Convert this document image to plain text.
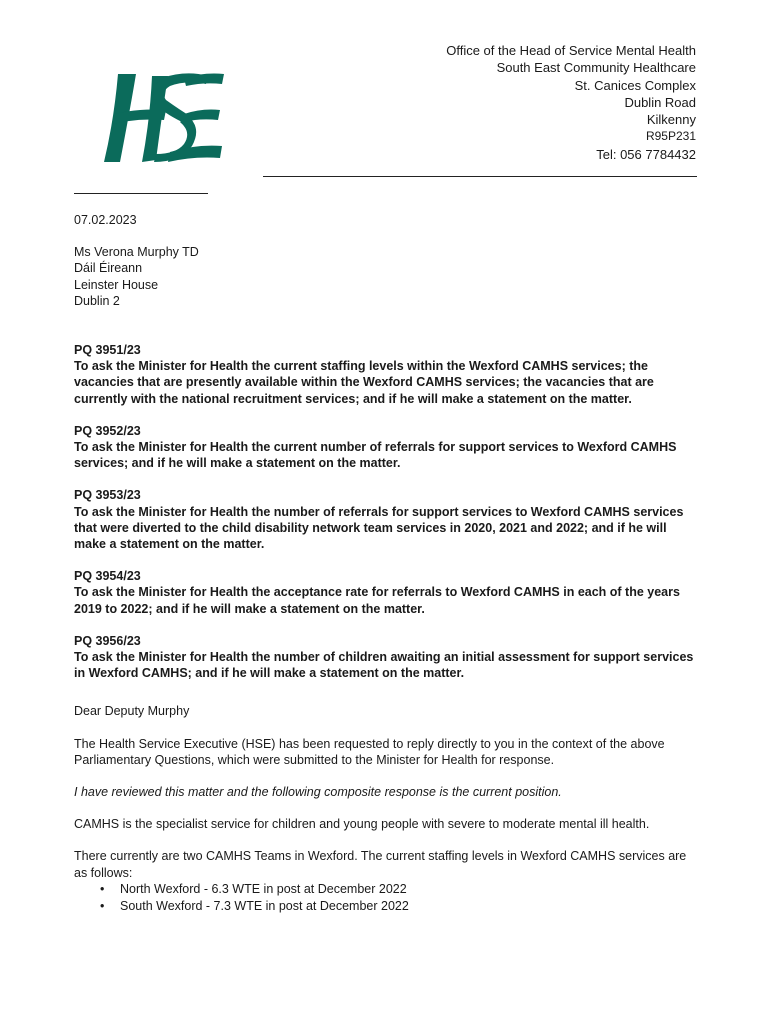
Office of the Head of Service Mental Health
South East Community Healthcare
St. Canices Complex
Dublin Road
Kilkenny
R95P231
Tel: 056 7784432

07.02.2023

Ms Verona Murphy TD

Dáil Éireann

Leinster House

Dublin 2

PQ 3951/23
To ask the Minister for Health the current staffing levels within the Wexford CAMHS services; the vacancies that are presently available within the Wexford CAMHS services; the vacancies that are currently with the national recruitment services; and if he will make a statement on the matter.
PQ 3952/23
To ask the Minister for Health the current number of referrals for support services to Wexford CAMHS services; and if he will make a statement on the matter.
PQ 3953/23
To ask the Minister for Health the number of referrals for support services to Wexford CAMHS services that were diverted to the child disability network team services in 2020, 2021 and 2022; and if he will make a statement on the matter.
PQ 3954/23
To ask the Minister for Health the acceptance rate for referrals to Wexford CAMHS in each of the years 2019 to 2022; and if he will make a statement on the matter.
PQ 3956/23
To ask the Minister for Health the number of children awaiting an initial assessment for support services in Wexford CAMHS; and if he will make a statement on the matter.

Dear Deputy Murphy

The Health Service Executive (HSE) has been requested to reply directly to you in the context of the above Parliamentary Questions, which were submitted to the Minister for Health for response.

I have reviewed this matter and the following composite response is the current position.

CAMHS is the specialist service for children and young people with severe to moderate mental ill health.

There currently are two CAMHS Teams in Wexford. The current staffing levels in Wexford CAMHS services are as follows:

• North Wexford - 6.3 WTE in post at December 2022
• South Wexford - 7.3 WTE in post at December 2022
